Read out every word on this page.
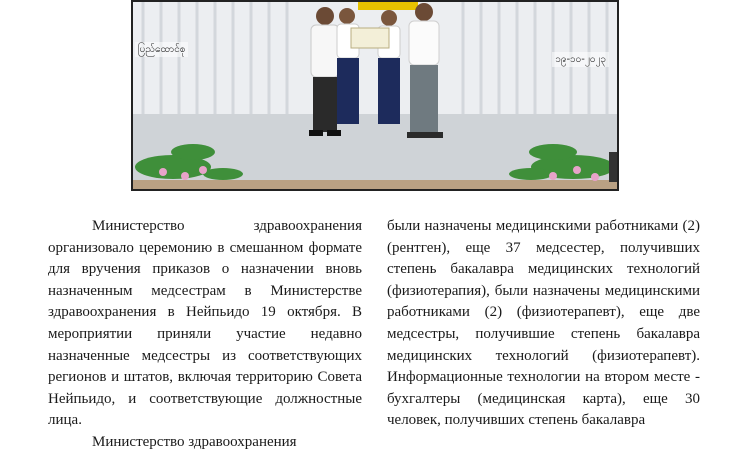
ပြည်ထောင်စု
၁၉-၁၀-၂၀၂၃

Министерство здравоохранения организовало церемонию в смешанном формате для вручения приказов о назначении вновь назначенным медсестрам в Министерстве здравоохранения в Нейпьидо 19 октября. В мероприятии приняли участие недавно назначенные медсестры из соответствующих регионов и штатов, включая территорию Совета Нейпьидо, и соответствующие должностные лица.

Министерство здравоохранения

были назначены медицинскими работниками (2) (рентген), еще 37 медсестер, получивших степень бакалавра медицинских технологий (физиотерапия), были назначены медицинскими работниками (2) (физиотерапевт), еще две медсестры, получившие степень бакалавра медицинских технологий (физиотерапевт). Информационные технологии на втором месте - бухгалтеры (медицинская карта), еще 30 человек, получивших степень бакалавра
